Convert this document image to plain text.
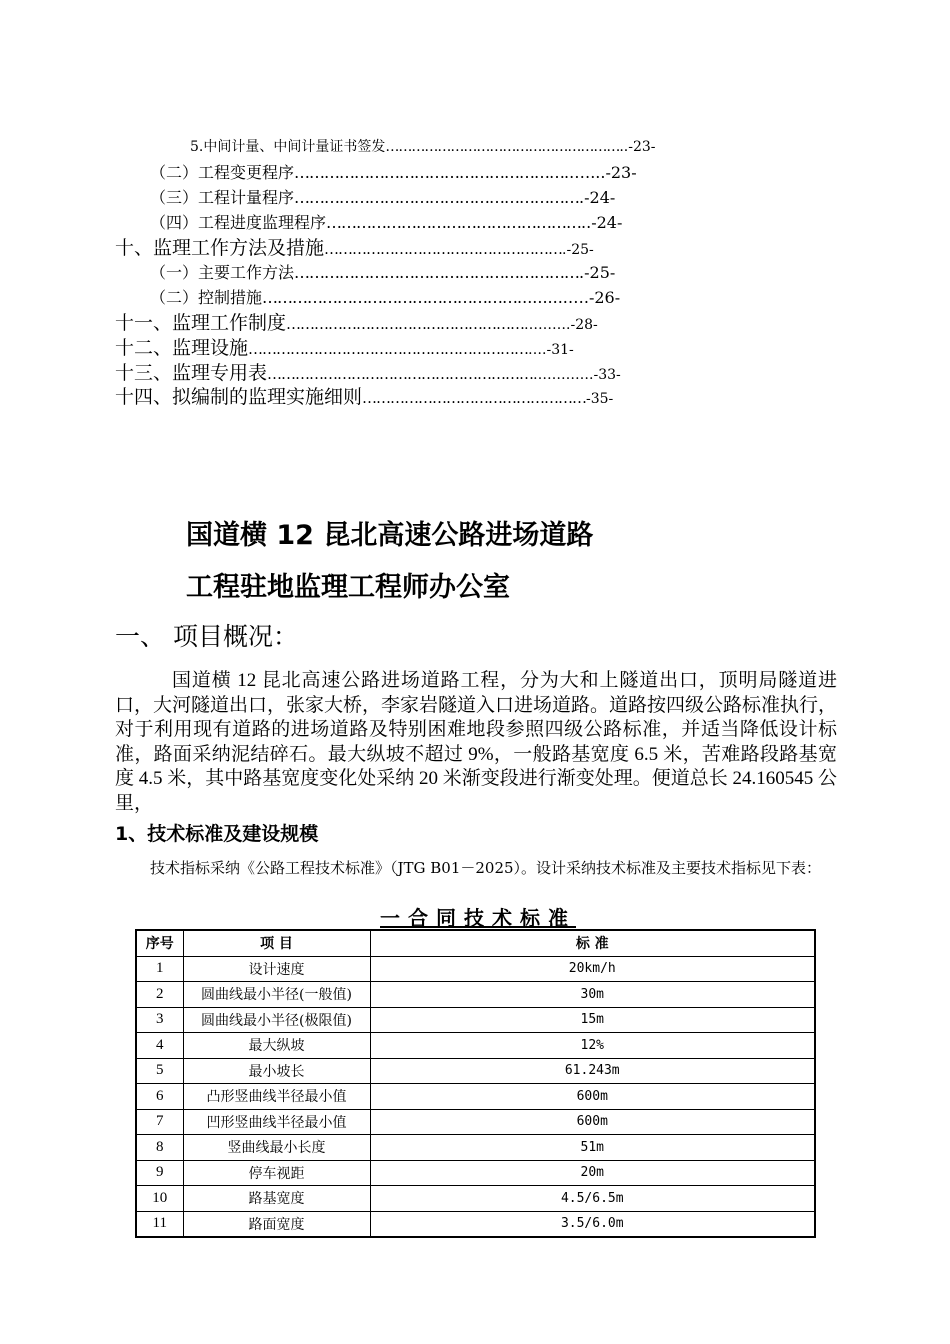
5.中间计量、中间计量证书签发………………………………………………..-23-
（二）工程变更程序………………………………………………..…...-23-
（三）工程计量程序………………………………………………….-24-
（四）工程进度监理程序……………………………………………..-24-
十、监理工作方法及措施…………………………………………….-25-
（一）主要工作方法………………………………………………….-25-
（二）控制措施……………………………………………..........….-26-
十一、监理工作制度…………………………………………………….-28-
十二、监理设施……………………………………………………….-31-
十三、监理专用表…………………………………………………………….-33-
十四、拟编制的监理实施细则…………………………………………-35-
国道横 12 昆北高速公路进场道路
工程驻地监理工程师办公室
一、 项目概况：
国道横 12 昆北高速公路进场道路工程，分为大和上隧道出口，顶明局隧道进口，大河隧道出口，张家大桥，李家岩隧道入口进场道路。道路按四级公路标准执行，对于利用现有道路的进场道路及特别困难地段参照四级公路标准，并适当降低设计标准，路面采纳泥结碎石。最大纵坡不超过 9%，一般路基宽度 6.5 米，苦难路段路基宽度 4.5 米，其中路基宽度变化处采纳 20 米渐变段进行渐变处理。便道总长 24.160545 公里，
1、技术标准及建设规模
技术指标采纳《公路工程技术标准》（JTG B01－2025）。设计采纳技术标准及主要技术指标见下表：
一合同技术标准
序号	项 目	标 准
1	设计速度	20km/h
2	圆曲线最小半径(一般值)	30m
3	圆曲线最小半径(极限值)	15m
4	最大纵坡	12%
5	最小坡长	61.243m
6	凸形竖曲线半径最小值	600m
7	凹形竖曲线半径最小值	600m
8	竖曲线最小长度	51m
9	停车视距	20m
10	路基宽度	4.5/6.5m
11	路面宽度	3.5/6.0m
